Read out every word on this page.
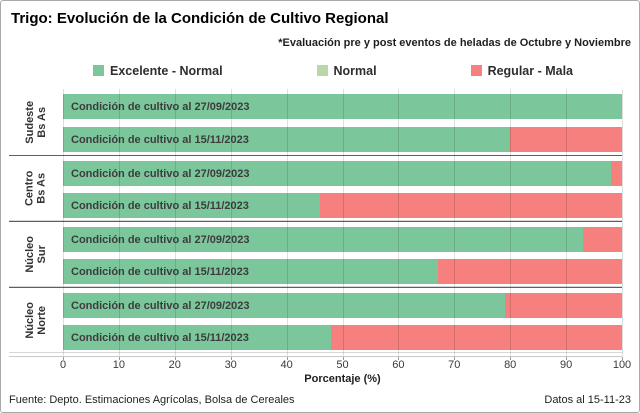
Trigo: Evolución de la Condición de Cultivo Regional
*Evaluación pre y post eventos de heladas de Octubre y Noviembre
Excelente - Normal	Normal	Regular - Mala
Sudeste Bs As
Condición de cultivo al 27/09/2023
Condición de cultivo al 15/11/2023
Centro Bs As Condición de cultivo al 27/09/2023
Condición de cultivo al 15/11/2023
Núcleo Sur
Condición de cultivo al 27/09/2023
Condición de cultivo al 15/11/2023
Núcleo Norte
Condición de cultivo al 27/09/2023
Condición de cultivo al 15/11/2023
0	10	20	30	40	50	60	70	80	90	100
Porcentaje (%)
Fuente: Depto. Estimaciones Agrícolas, Bolsa de Cereales	Datos al 15-11-23
